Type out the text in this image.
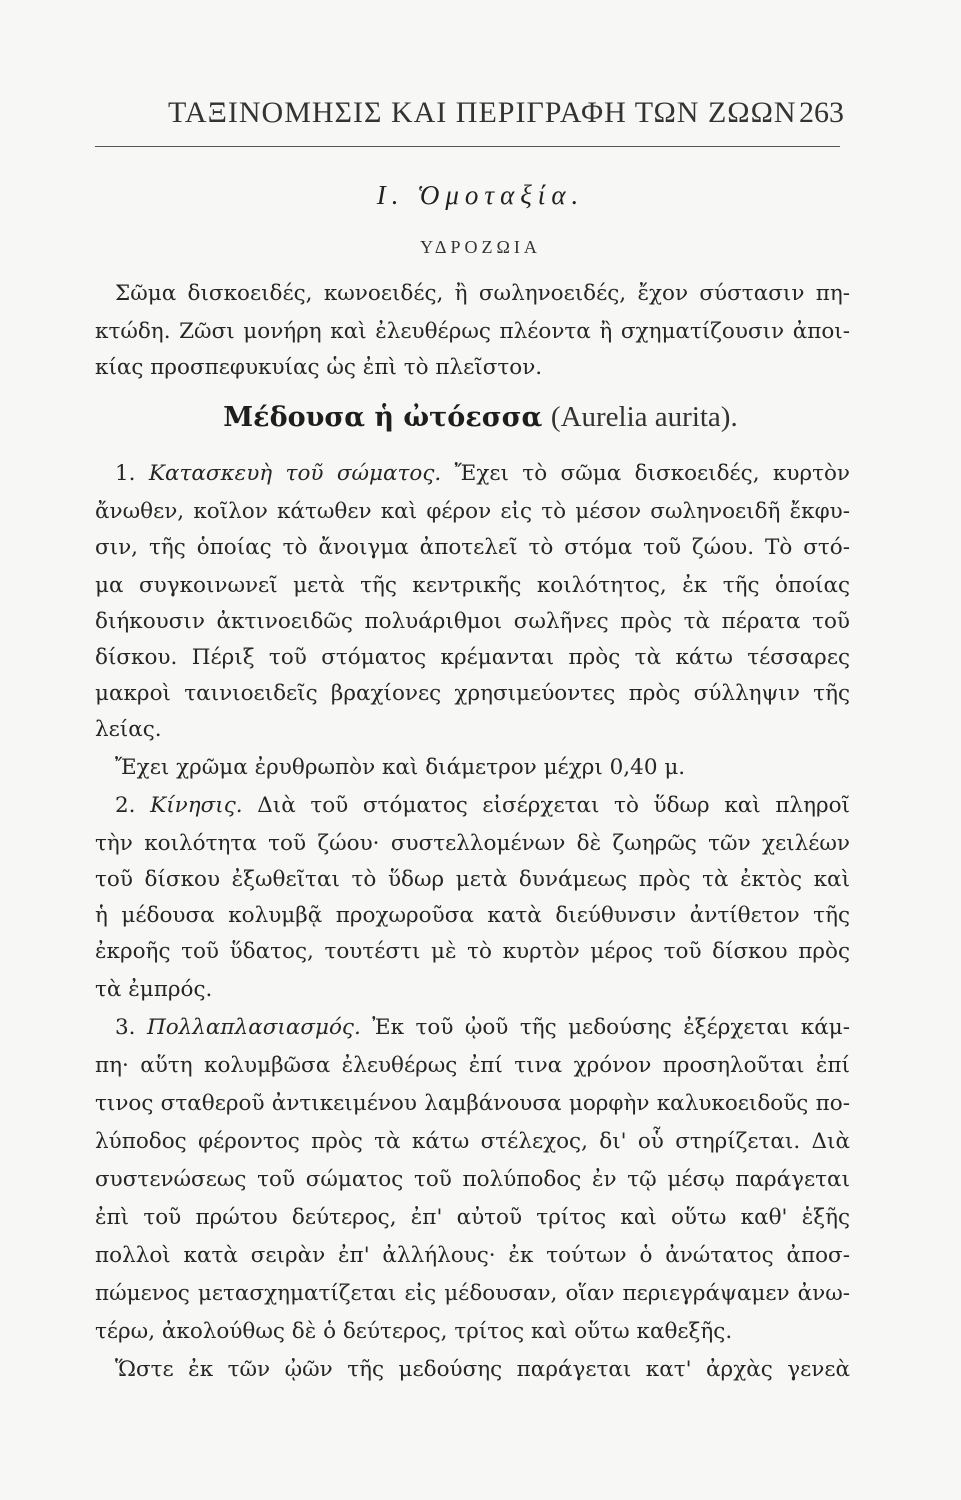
ΤΑΞΙΝΟΜΗΣΙΣ ΚΑΙ ΠΕΡΙΓΡΑΦΗ ΤΩΝ ΖΩΩΝ 263
Ι. Ὁμοταξία.
ΥΔΡΟΖΩΙΑ
Σῶμα δισκοειδές, κωνοειδές, ἢ σωληνοειδές, ἔχον σύστασιν πη-
κτώδη. Ζῶσι μονήρη καὶ ἐλευθέρως πλέοντα ἢ σχηματίζουσιν ἀποι-
κίας προσπεφυκυίας ὡς ἐπὶ τὸ πλεῖστον.
Μέδουσα ἡ ὠτόεσσα (Aurelia aurita).
1. Κατασκευὴ τοῦ σώματος. Ἔχει τὸ σῶμα δισκοειδές, κυρτὸν
ἄνωθεν, κοῖλον κάτωθεν καὶ φέρον εἰς τὸ μέσον σωληνοειδῆ ἔκφυ-
σιν, τῆς ὁποίας τὸ ἄνοιγμα ἀποτελεῖ τὸ στόμα τοῦ ζώου. Τὸ στό-
μα συγκοινωνεῖ μετὰ τῆς κεντρικῆς κοιλότητος, ἐκ τῆς ὁποίας
διήκουσιν ἀκτινοειδῶς πολυάριθμοι σωλῆνες πρὸς τὰ πέρατα τοῦ
δίσκου. Πέριξ τοῦ στόματος κρέμανται πρὸς τὰ κάτω τέσσαρες
μακροὶ ταινιοειδεῖς βραχίονες χρησιμεύοντες πρὸς σύλληψιν τῆς
λείας.
Ἔχει χρῶμα ἐρυθρωπὸν καὶ διάμετρον μέχρι 0,40 μ.
2. Κίνησις. Διὰ τοῦ στόματος εἰσέρχεται τὸ ὕδωρ καὶ πληροῖ
τὴν κοιλότητα τοῦ ζώου· συστελλομένων δὲ ζωηρῶς τῶν χειλέων
τοῦ δίσκου ἐξωθεῖται τὸ ὕδωρ μετὰ δυνάμεως πρὸς τὰ ἐκτὸς καὶ
ἡ μέδουσα κολυμβᾷ προχωροῦσα κατὰ διεύθυνσιν ἀντίθετον τῆς
ἐκροῆς τοῦ ὕδατος, τουτέστι μὲ τὸ κυρτὸν μέρος τοῦ δίσκου πρὸς
τὰ ἐμπρός.
3. Πολλαπλασιασμός. Ἐκ τοῦ ᾠοῦ τῆς μεδούσης ἐξέρχεται κάμ-
πη· αὕτη κολυμβῶσα ἐλευθέρως ἐπί τινα χρόνον προσηλοῦται ἐπί
τινος σταθεροῦ ἀντικειμένου λαμβάνουσα μορφὴν καλυκοειδοῦς πο-
λύποδος φέροντος πρὸς τὰ κάτω στέλεχος, δι' οὗ στηρίζεται. Διὰ
συστενώσεως τοῦ σώματος τοῦ πολύποδος ἐν τῷ μέσῳ παράγεται
ἐπὶ τοῦ πρώτου δεύτερος, ἐπ' αὐτοῦ τρίτος καὶ οὕτω καθ' ἑξῆς
πολλοὶ κατὰ σειρὰν ἐπ' ἀλλήλους· ἐκ τούτων ὁ ἀνώτατος ἀποσ-
πώμενος μετασχηματίζεται εἰς μέδουσαν, οἵαν περιεγράψαμεν ἀνω-
τέρω, ἀκολούθως δὲ ὁ δεύτερος, τρίτος καὶ οὕτω καθεξῆς.
Ὥστε ἐκ τῶν ᾠῶν τῆς μεδούσης παράγεται κατ' ἀρχὰς γενεὰ
